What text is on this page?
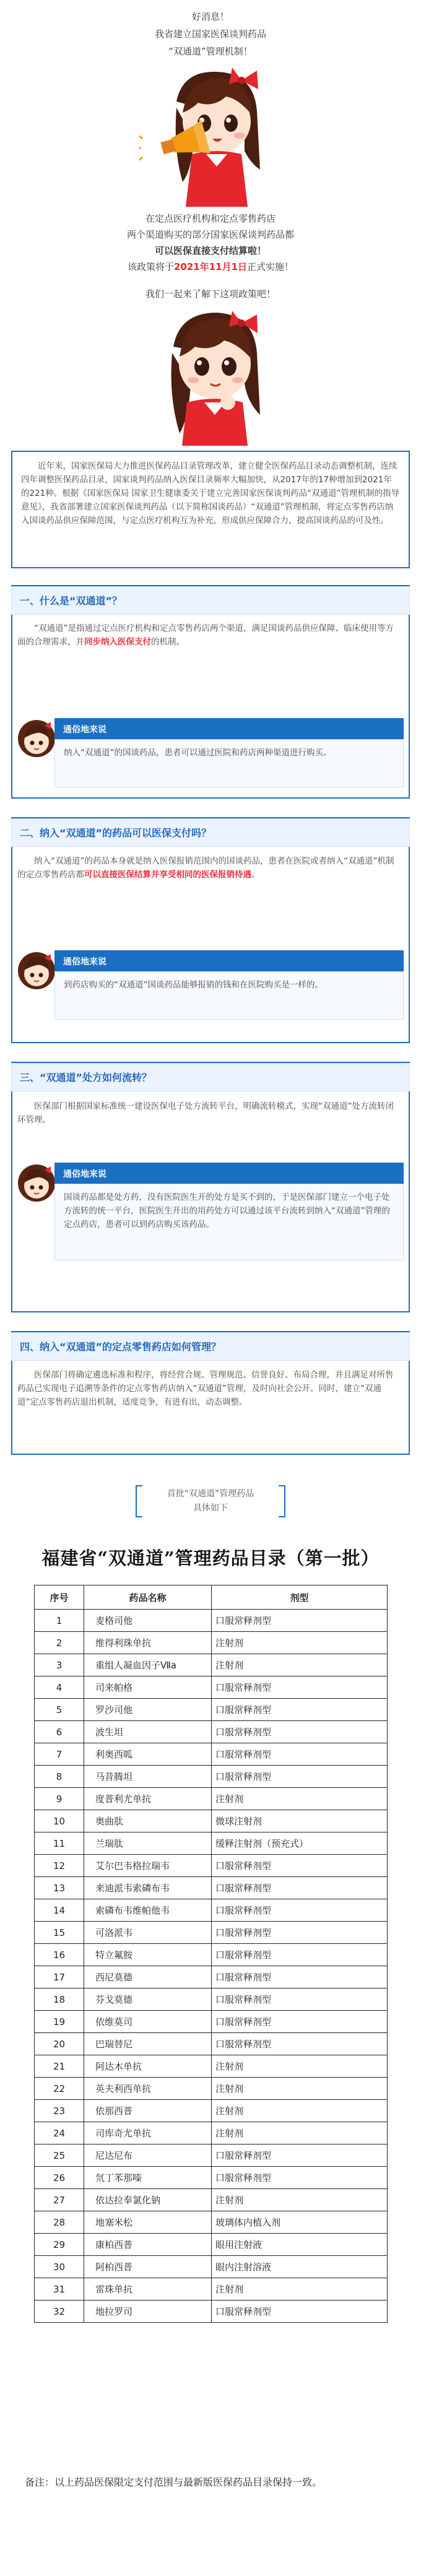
好消息！

我省建立国家医保谈判药品

“双通道”管理机制！

双通道

在定点医疗机构和定点零售药店

两个渠道购买的部分国家医保谈判药品都

可以医保直接支付结算啦！

该政策将于2021年11月1日正式实施！

我们一起来了解下这项政策吧！

近年来，国家医保局大力推进医保药品目录管理改革，建立健全医保药品目录动态调整机制，连续四年调整医保药品目录，国家谈判药品纳入医保目录频率大幅加快，从2017年的17种增加到2021年的221种。根据《国家医保局 国家卫生健康委关于建立完善国家医保谈判药品“双通道”管理机制的指导意见》，我省部署建立国家医保谈判药品（以下简称国谈药品）“双通道”管理机制，将定点零售药店纳入国谈药品供应保障范围，与定点医疗机构互为补充，形成供应保障合力，提高国谈药品的可及性。
一、什么是“双通道”？
“双通道”是指通过定点医疗机构和定点零售药店两个渠道，满足国谈药品供应保障、临床使用等方面的合理需求，并同步纳入医保支付的机制。
通俗地来说
纳入“双通道”的国谈药品，患者可以通过医院和药店两种渠道进行购买。
二、纳入“双通道”的药品可以医保支付吗？
纳入“双通道”的药品本身就是纳入医保报销范围内的国谈药品，患者在医院或者纳入“双通道”机制的定点零售药店都可以直接医保结算并享受相同的医保报销待遇。
通俗地来说
到药店购买的“双通道”国谈药品能够报销的钱和在医院购买是一样的。
三、“双通道”处方如何流转？
医保部门根据国家标准统一建设医保电子处方流转平台，明确流转模式，实现“双通道”处方流转闭环管理。
通俗地来说
国谈药品都是处方药，没有医院医生开的处方是买不到的，于是医保部门建立一个电子处方流转的统一平台，医院医生开出的用药处方可以通过该平台流转到纳入“双通道”管理的定点药店，患者可以到药店购买该药品。
四、纳入“双通道”的定点零售药店如何管理？
医保部门将确定遴选标准和程序，将经营合规、管理规范、信誉良好、布局合理，并且满足对所售药品已实现电子追溯等条件的定点零售药店纳入“双通道”管理，及时向社会公开。同时，建立“双通道”定点零售药店退出机制，适度竞争，有进有出，动态调整。
首批“双通道”管理药品
具体如下
福建省“双通道”管理药品目录（第一批）
序号	药品名称	剂型
1	麦格司他	口服常释剂型
2	维得利珠单抗	注射剂
3	重组人凝血因子Ⅶa	注射剂
4	司来帕格	口服常释剂型
5	罗沙司他	口服常释剂型
6	波生坦	口服常释剂型
7	利奥西呱	口服常释剂型
8	马昔腾坦	口服常释剂型
9	度普利尤单抗	注射剂
10	奥曲肽	微球注射剂
11	兰瑞肽	缓释注射剂（预充式）
12	艾尔巴韦格拉瑞韦	口服常释剂型
13	来迪派韦索磷布韦	口服常释剂型
14	索磷布韦维帕他韦	口服常释剂型
15	可洛派韦	口服常释剂型
16	特立氟胺	口服常释剂型
17	西尼莫德	口服常释剂型
18	芬戈莫德	口服常释剂型
19	依维莫司	口服常释剂型
20	巴瑞替尼	口服常释剂型
21	阿达木单抗	注射剂
22	英夫利西单抗	注射剂
23	依那西普	注射剂
24	司库奇尤单抗	注射剂
25	尼达尼布	口服常释剂型
26	氘丁苯那嗪	口服常释剂型
27	依达拉奉氯化钠	注射剂
28	地塞米松	玻璃体内植入剂
29	康柏西普	眼用注射液
30	阿柏西普	眼内注射溶液
31	雷珠单抗	注射剂
32	地拉罗司	口服常释剂型
备注：以上药品医保限定支付范围与最新版医保药品目录保持一致。
